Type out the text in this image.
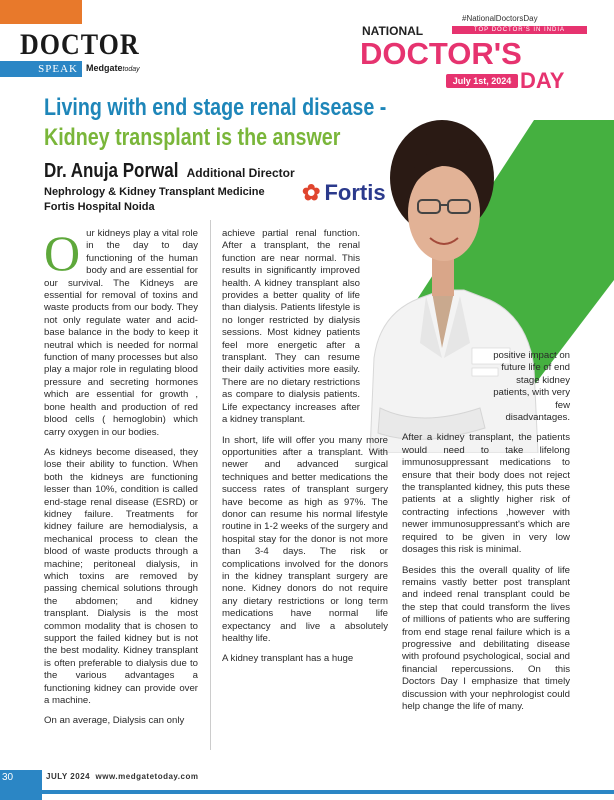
DOCTOR
SPEAK Medgatetoday
#NationalDoctorsDay
NATIONAL	TOP DOCTOR'S IN INDIA
DOCTOR'S
July 1st, 2024 DAY
Living with end stage renal disease -
Kidney transplant is the answer
Dr. Anuja Porwal Additional Director
Nephrology & Kidney Transplant Medicine
Fortis Hospital Noida
✿ Fortis

Our kidneys play a vital role in the day to day functioning of the human body and are essential for our survival. The Kidneys are essential for removal of toxins and waste products from our body. They not only regulate water and acid-base balance in the body to keep it neutral which is needed for normal function of many processes but also play a major role in regulating blood pressure and secreting hormones which are essential for growth , bone health and production of red blood cells ( hemoglobin) which carry oxygen in our bodies.

As kidneys become diseased, they lose their ability to function. When both the kidneys are functioning lesser than 10%, condition is called end-stage renal disease (ESRD) or kidney failure. Treatments for kidney failure are hemodialysis, a mechanical process to clean the blood of waste products through a machine; peritoneal dialysis, in which toxins are removed by passing chemical solutions through the abdomen; and kidney transplant. Dialysis is the most common modality that is chosen to support the failed kidney but is not the best modality. Kidney transplant is often preferable to dialysis due to the various advantages a functioning kidney can provide over a machine.

On an average, Dialysis can only

achieve partial renal function. After a transplant, the renal function are near normal. This results in significantly improved health. A kidney transplant also provides a better quality of life than dialysis. Patients lifestyle is no longer restricted by dialysis sessions. Most kidney patients feel more energetic after a transplant. They can resume their daily activities more easily. There are no dietary restrictions as compare to dialysis patients. Life expectancy increases after a kidney transplant.

In short, life will offer you many more opportunities after a transplant. With newer and advanced surgical techniques and better medications the success rates of transplant surgery have become as high as 97%. The donor can resume his normal lifestyle routine in 1-2 weeks of the surgery and hospital stay for the donor is not more than 3-4 days. The risk or complications involved for the donors in the kidney transplant surgery are none. Kidney donors do not require any dietary restrictions or long term medications have normal life expectancy and live a absolutely healthy life.

A kidney transplant has a huge

positive impact on future life of end stage kidney patients, with very few disadvantages.

After a kidney transplant, the patients would need to take lifelong immunosuppressant medications to ensure that their body does not reject the transplanted kidney, this puts these patients at a slightly higher risk of contracting infections ,however with newer immunosuppressant's which are required to be given in very low dosages this risk is minimal.

Besides this the overall quality of life remains vastly better post transplant and indeed renal transplant could be the step that could transform the lives of millions of patients who are suffering from end stage renal failure which is a progressive and debilitating disease with profound psychological, social and financial repercussions. On this Doctors Day I emphasize that timely discussion with your nephrologist could help change the life of many.

30	JULY 2024 www.medgatetoday.com
